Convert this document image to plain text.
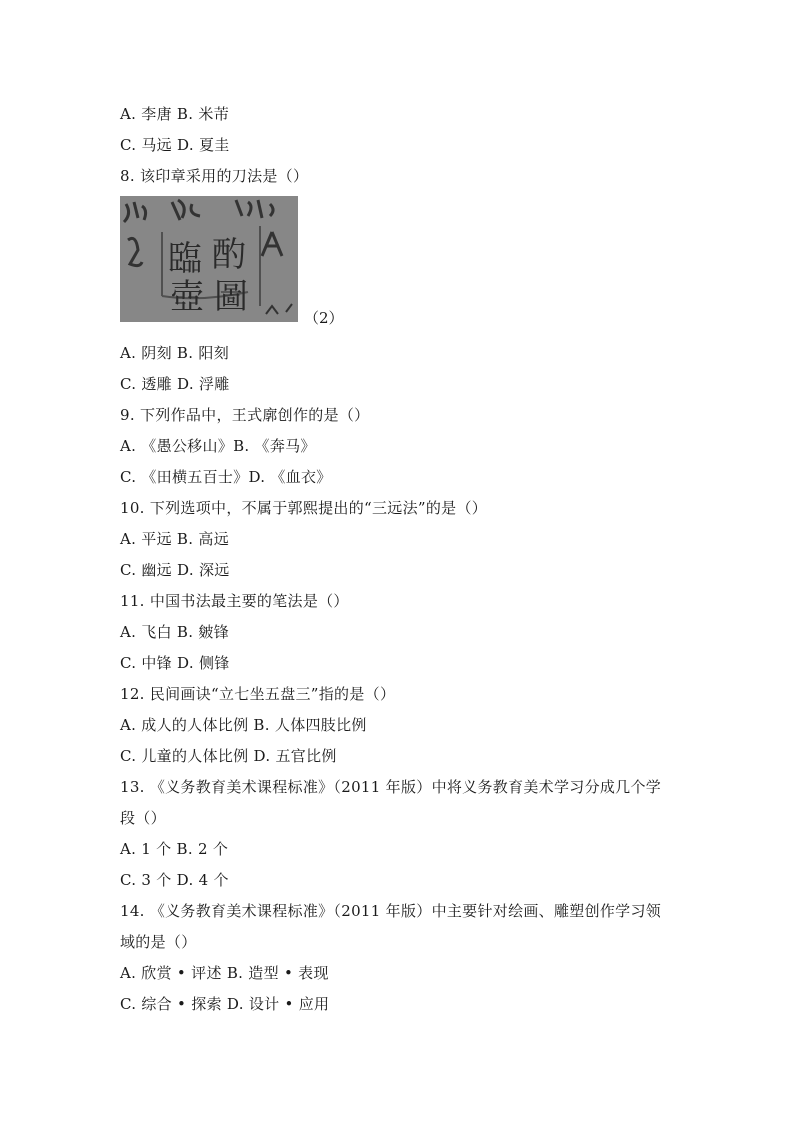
A. 李唐 B. 米芾
C. 马远 D. 夏圭
8. 该印章采用的刀法是（）
臨 酌
壺 圖
（2）
A. 阴刻 B. 阳刻
C. 透雕 D. 浮雕
9. 下列作品中，王式廓创作的是（）
A. 《愚公移山》B. 《奔马》
C. 《田横五百士》D. 《血衣》
10. 下列选项中，不属于郭熙提出的“三远法”的是（）
A. 平远 B. 高远
C. 幽远 D. 深远
11. 中国书法最主要的笔法是（）
A. 飞白 B. 皴锋
C. 中锋 D. 侧锋
12. 民间画诀“立七坐五盘三”指的是（）
A. 成人的人体比例 B. 人体四肢比例
C. 儿童的人体比例 D. 五官比例
13. 《义务教育美术课程标准》（2011 年版）中将义务教育美术学习分成几个学
段（）
A. 1 个 B. 2 个
C. 3 个 D. 4 个
14. 《义务教育美术课程标准》（2011 年版）中主要针对绘画、雕塑创作学习领
域的是（）
A. 欣赏 • 评述 B. 造型 • 表现
C. 综合 • 探索 D. 设计 • 应用
